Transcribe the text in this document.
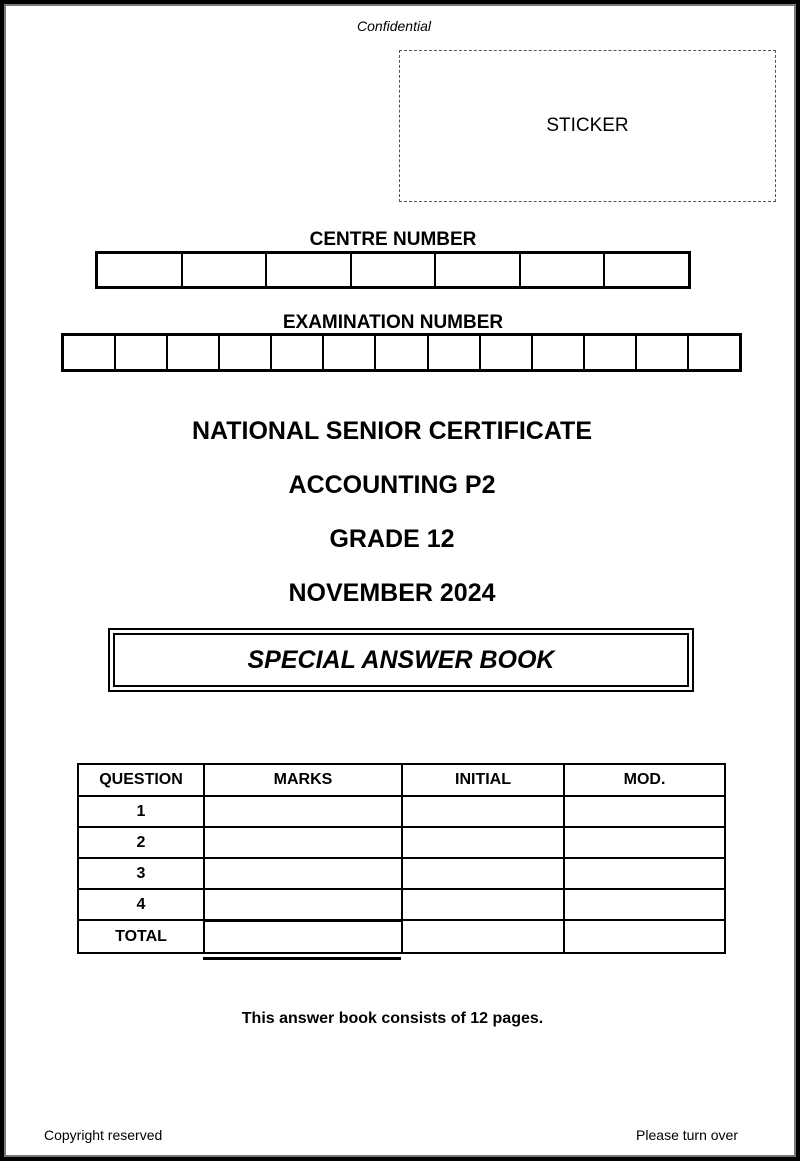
Confidential
STICKER
CENTRE NUMBER
EXAMINATION NUMBER
NATIONAL SENIOR CERTIFICATE
ACCOUNTING P2
GRADE 12
NOVEMBER 2024
SPECIAL ANSWER BOOK
QUESTION	MARKS	INITIAL	MOD.
1			
2			
3			
4			
TOTAL			
This answer book consists of 12 pages.
Copyright reserved	Please turn over
